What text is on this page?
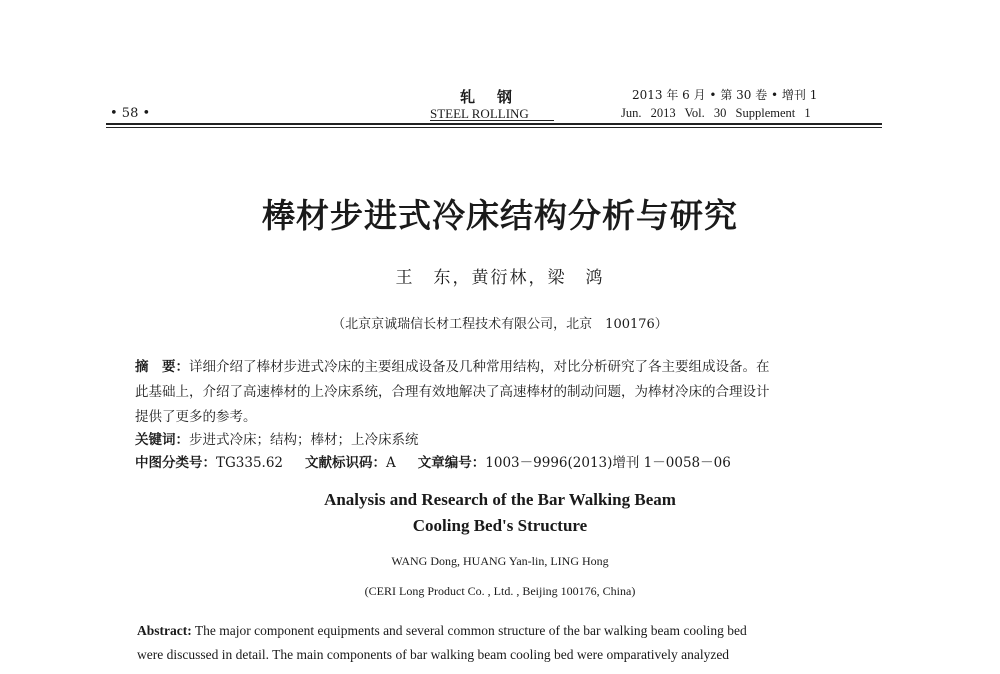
• 58 •
轧钢
STEEL ROLLING
2013 年 6 月 • 第 30 卷 • 增刊 1
Jun. 2013 Vol. 30 Supplement 1
棒材步进式冷床结构分析与研究
王　东，黄衍林，梁　鸿
（北京京诚瑞信长材工程技术有限公司，北京　100176）
摘　要：详细介绍了棒材步进式冷床的主要组成设备及几种常用结构，对比分析研究了各主要组成设备。在
此基础上，介绍了高速棒材的上冷床系统，合理有效地解决了高速棒材的制动问题，为棒材冷床的合理设计
提供了更多的参考。
关键词：步进式冷床；结构；棒材；上冷床系统
中图分类号：TG335.62 文献标识码：A 文章编号：1003－9996(2013)增刊 1－0058－06
Analysis and Research of the Bar Walking Beam
Cooling Bed's Structure
WANG Dong, HUANG Yan-lin, LING Hong
(CERI Long Product Co. , Ltd. , Beijing 100176, China)
Abstract: The major component equipments and several common structure of the bar walking beam cooling bed
were discussed in detail. The main components of bar walking beam cooling bed were omparatively analyzed
